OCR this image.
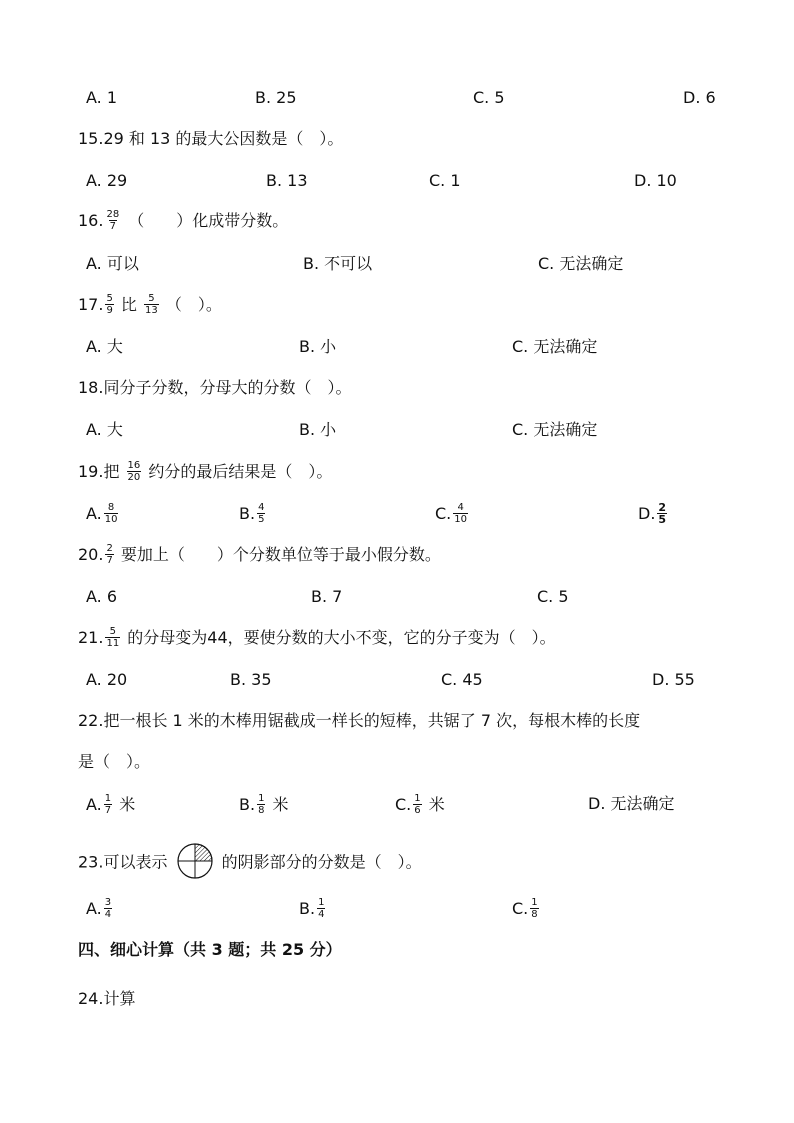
A. 1	B. 25	C. 5	D. 6
15.29 和 13 的最大公因数是（　）。
A. 29	B. 13	C. 1	D. 10
16. $\frac{28}{7}$ （　　）化成带分数。
A. 可以	B. 不可以	C. 无法确定
17. $\frac{5}{9}$ 比 $\frac{5}{13}$ （　）。
A. 大	B. 小	C. 无法确定
18.同分子分数，分母大的分数（　）。
A. 大	B. 小	C. 无法确定
19.把 $\frac{16}{20}$ 约分的最后结果是（　）。
A. $\frac{8}{10}$	B. $\frac{4}{5}$	C. $\frac{4}{10}$	D. $\frac{2}{5}$
20. $\frac{2}{7}$ 要加上（　　）个分数单位等于最小假分数。
A. 6	B. 7	C. 5
21. $\frac{5}{11}$ 的分母变为44，要使分数的大小不变，它的分子变为（　）。
A. 20	B. 35	C. 45	D. 55
22.把一根长 1 米的木棒用锯截成一样长的短棒，共锯了 7 次，每根木棒的长度
是（　）。
A. $\frac{1}{7}$ 米	B. $\frac{1}{8}$ 米	C. $\frac{1}{6}$ 米	D. 无法确定
23.可以表示	的阴影部分的分数是（　）。
A. $\frac{3}{4}$	B. $\frac{1}{4}$	C. $\frac{1}{8}$
四、细心计算（共 3 题；共 25 分）
24.计算
